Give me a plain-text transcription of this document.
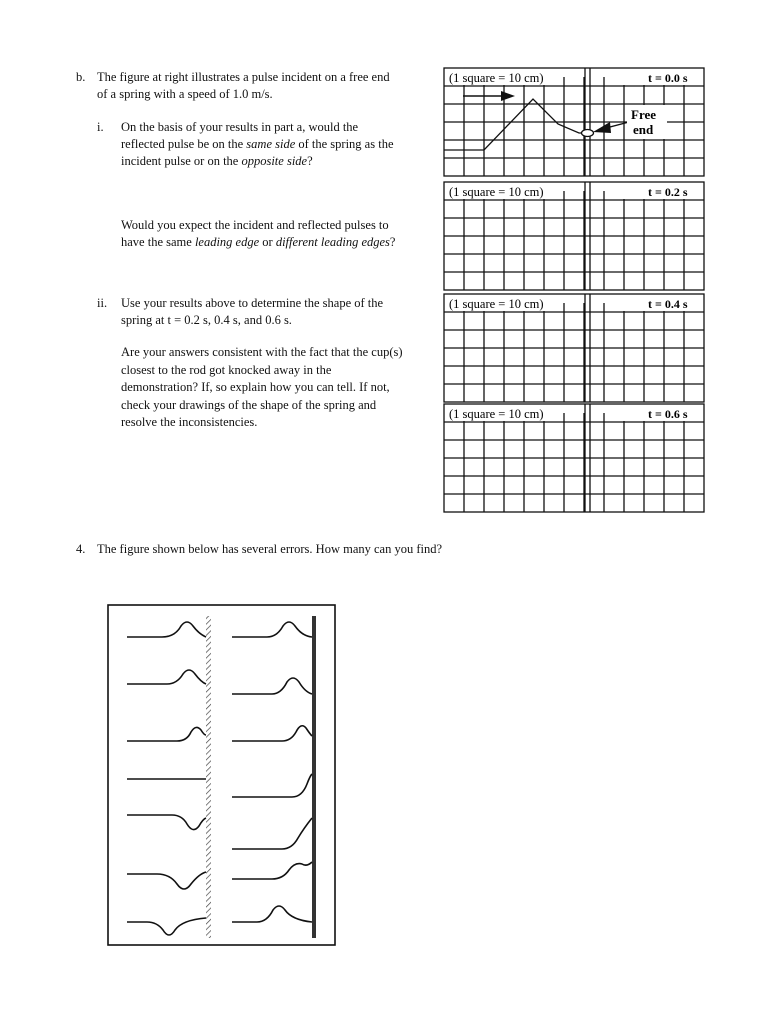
b. The figure at right illustrates a pulse incident on a free end
of a spring with a speed of 1.0 m/s.
i. On the basis of your results in part a, would the
reflected pulse be on the same side of the spring as the
incident pulse or on the opposite side?
Would you expect the incident and reflected pulses to
have the same leading edge or different leading edges?
ii. Use your results above to determine the shape of the
spring at t = 0.2 s, 0.4 s, and 0.6 s.

Are your answers consistent with the fact that the cup(s)

closest to the rod got knocked away in the

demonstration? If, so explain how you can tell. If not,

check your drawings of the shape of the spring and

resolve the inconsistencies.

(1 square = 10 cm)	t = 0.0 s
Free
end
(1 square = 10 cm)	t = 0.2 s
(1 square = 10 cm)	t = 0.4 s
(1 square = 10 cm)	t = 0.6 s
4. The figure shown below has several errors. How many can you find?
